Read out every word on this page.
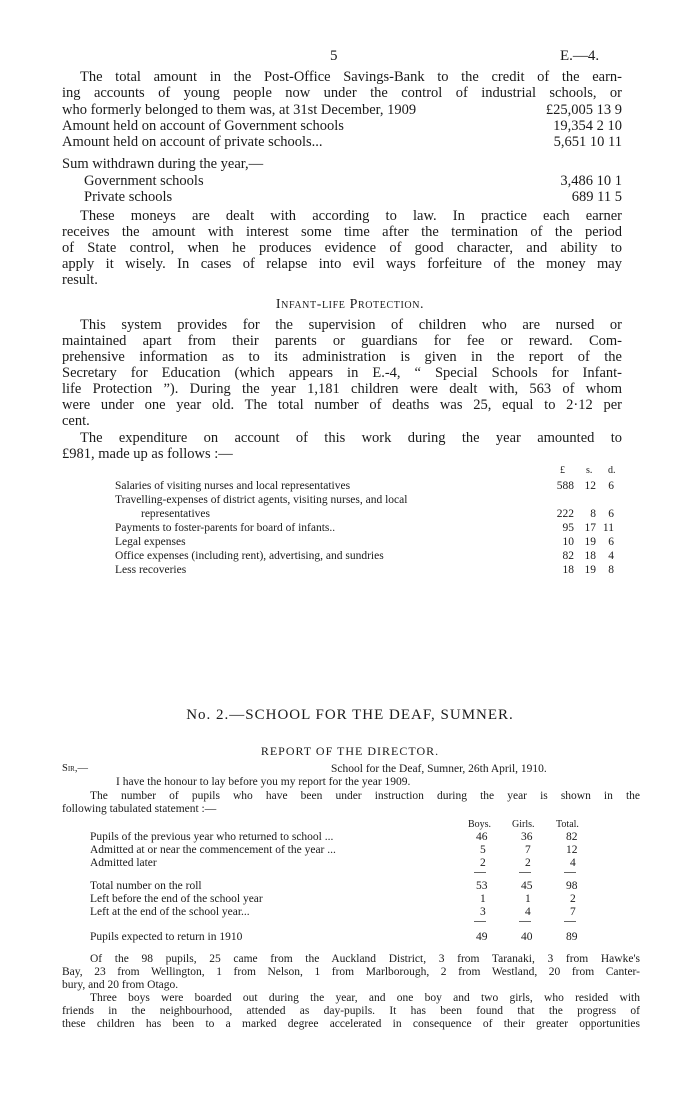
5	E.—4.
The total amount in the Post-Office Savings-Bank to the credit of the earn-
ing accounts of young people now under the control of industrial schools, or
who formerly belonged to them was, at 31st December, 1909	£25,005 13 9
Amount held on account of Government schools	19,354 2 10
Amount held on account of private schools...	5,651 10 11
Sum withdrawn during the year,—
Government schools	3,486 10 1
Private schools	689 11 5
These moneys are dealt with according to law. In practice each earner
receives the amount with interest some time after the termination of the period
of State control, when he produces evidence of good character, and ability to
apply it wisely. In cases of relapse into evil ways forfeiture of the money may
result.
Infant-life Protection.
This system provides for the supervision of children who are nursed or
maintained apart from their parents or guardians for fee or reward. Com-
prehensive information as to its administration is given in the report of the
Secretary for Education (which appears in E.-4, “ Special Schools for Infant-
life Protection ”). During the year 1,181 children were dealt with, 563 of whom
were under one year old. The total number of deaths was 25, equal to 2·12 per
cent.
The expenditure on account of this work during the year amounted to
£981, made up as follows :—
£ s. d.
Salaries of visiting nurses and local representatives	588 12	6
Travelling-expenses of district agents, visiting nurses, and local
representatives	222	8	6
Payments to foster-parents for board of infants..	95 17 11
Legal expenses	10 19	6
Office expenses (including rent), advertising, and sundries	82 18	4
Less recoveries	18 19	8
No. 2.—SCHOOL FOR THE DEAF, SUMNER.
REPORT OF THE DIRECTOR.
Sir,—	School for the Deaf, Sumner, 26th April, 1910.
I have the honour to lay before you my report for the year 1909.
The number of pupils who have been under instruction during the year is shown in the
following tabulated statement :—
Boys. Girls. Total.
Pupils of the previous year who returned to school ...	46	36	82
Admitted at or near the commencement of the year ...	5	7	12
Admitted later	2	2	4
Total number on the roll	53	45	98
Left before the end of the school year	1	1	2
Left at the end of the school year...	3	4	7
Pupils expected to return in 1910	49	40	89
Of the 98 pupils, 25 came from the Auckland District, 3 from Taranaki, 3 from Hawke's
Bay, 23 from Wellington, 1 from Nelson, 1 from Marlborough, 2 from Westland, 20 from Canter-
bury, and 20 from Otago.
Three boys were boarded out during the year, and one boy and two girls, who resided with
friends in the neighbourhood, attended as day-pupils. It has been found that the progress of
these children has been to a marked degree accelerated in consequence of their greater opportunities
